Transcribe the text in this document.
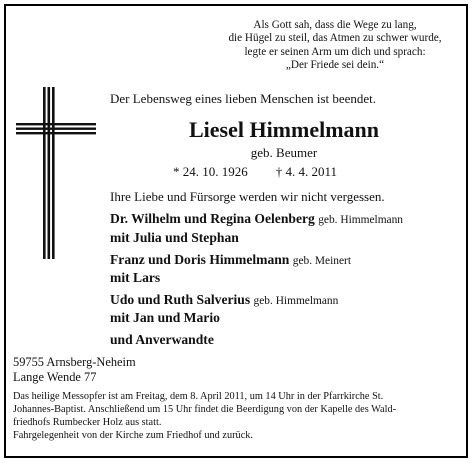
Als Gott sah, dass die Wege zu lang,
die Hügel zu steil, das Atmen zu schwer wurde,
legte er seinen Arm um dich und sprach:
„Der Friede sei dein.“
Der Lebensweg eines lieben Menschen ist beendet.
Liesel Himmelmann
geb. Beumer
* 24. 10. 1926 † 4. 4. 2011
Ihre Liebe und Fürsorge werden wir nicht vergessen.
Dr. Wilhelm und Regina Oelenberg geb. Himmelmann
mit Julia und Stephan
Franz und Doris Himmelmann geb. Meinert
mit Lars
Udo und Ruth Salverius geb. Himmelmann
mit Jan und Mario
und Anverwandte
59755 Arnsberg-Neheim
Lange Wende 77
Das heilige Messopfer ist am Freitag, dem 8. April 2011, um 14 Uhr in der Pfarrkirche St.
Johannes-Baptist. Anschließend um 15 Uhr findet die Beerdigung von der Kapelle des Wald-
friedhofs Rumbecker Holz aus statt.
Fahrgelegenheit von der Kirche zum Friedhof und zurück.
